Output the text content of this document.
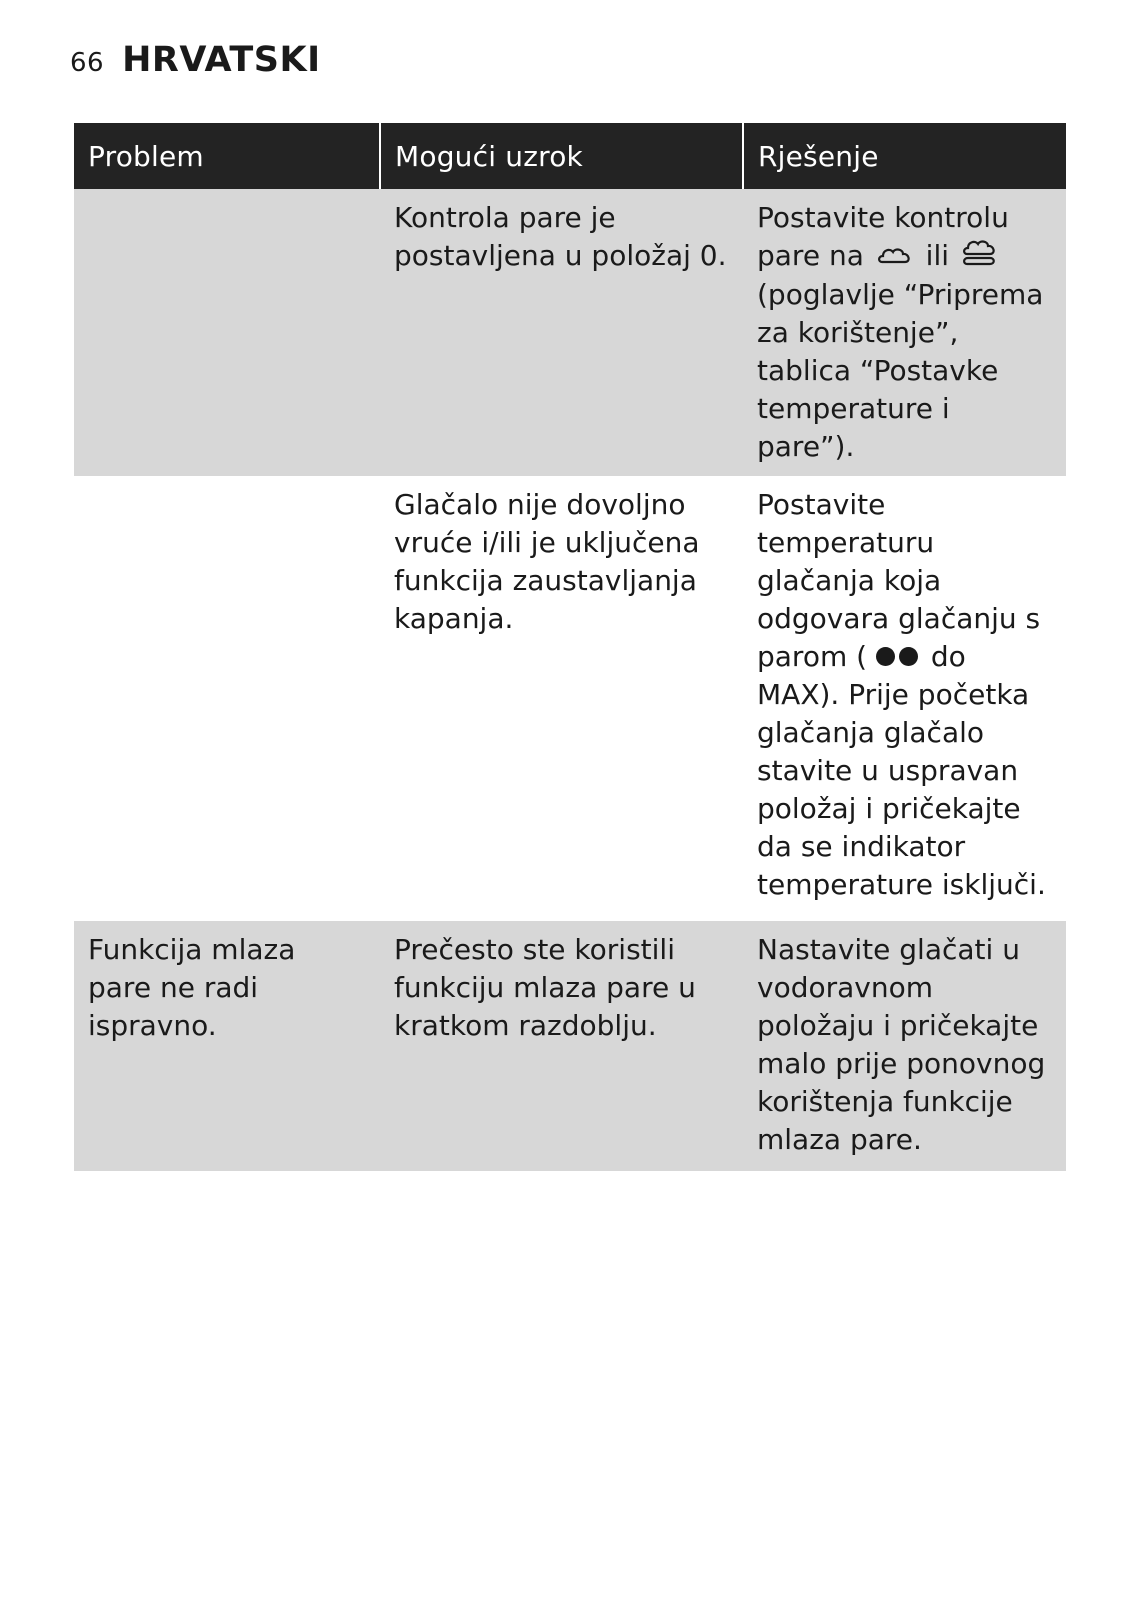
66 HRVATSKI
Problem	Mogući uzrok	Rješenje
	Kontrola pare je postavljena u položaj 0.	Postavite kontrolu pare na ili  (poglavlje “Priprema za korištenje”, tablica “Postavke temperature i pare”).
	Glačalo nije dovoljno vruće i/ili je uključena funkcija zaustavljanja kapanja.	Postavite temperaturu glačanja koja odgovara glačanju s parom ( do MAX). Prije početka glačanja glačalo stavite u uspravan položaj i pričekajte da se indikator temperature isključi.
Funkcija mlaza pare ne radi ispravno.	Prečesto ste koristili funkciju mlaza pare u kratkom razdoblju.	Nastavite glačati u vodoravnom položaju i pričekajte malo prije ponovnog korištenja funkcije mlaza pare.
